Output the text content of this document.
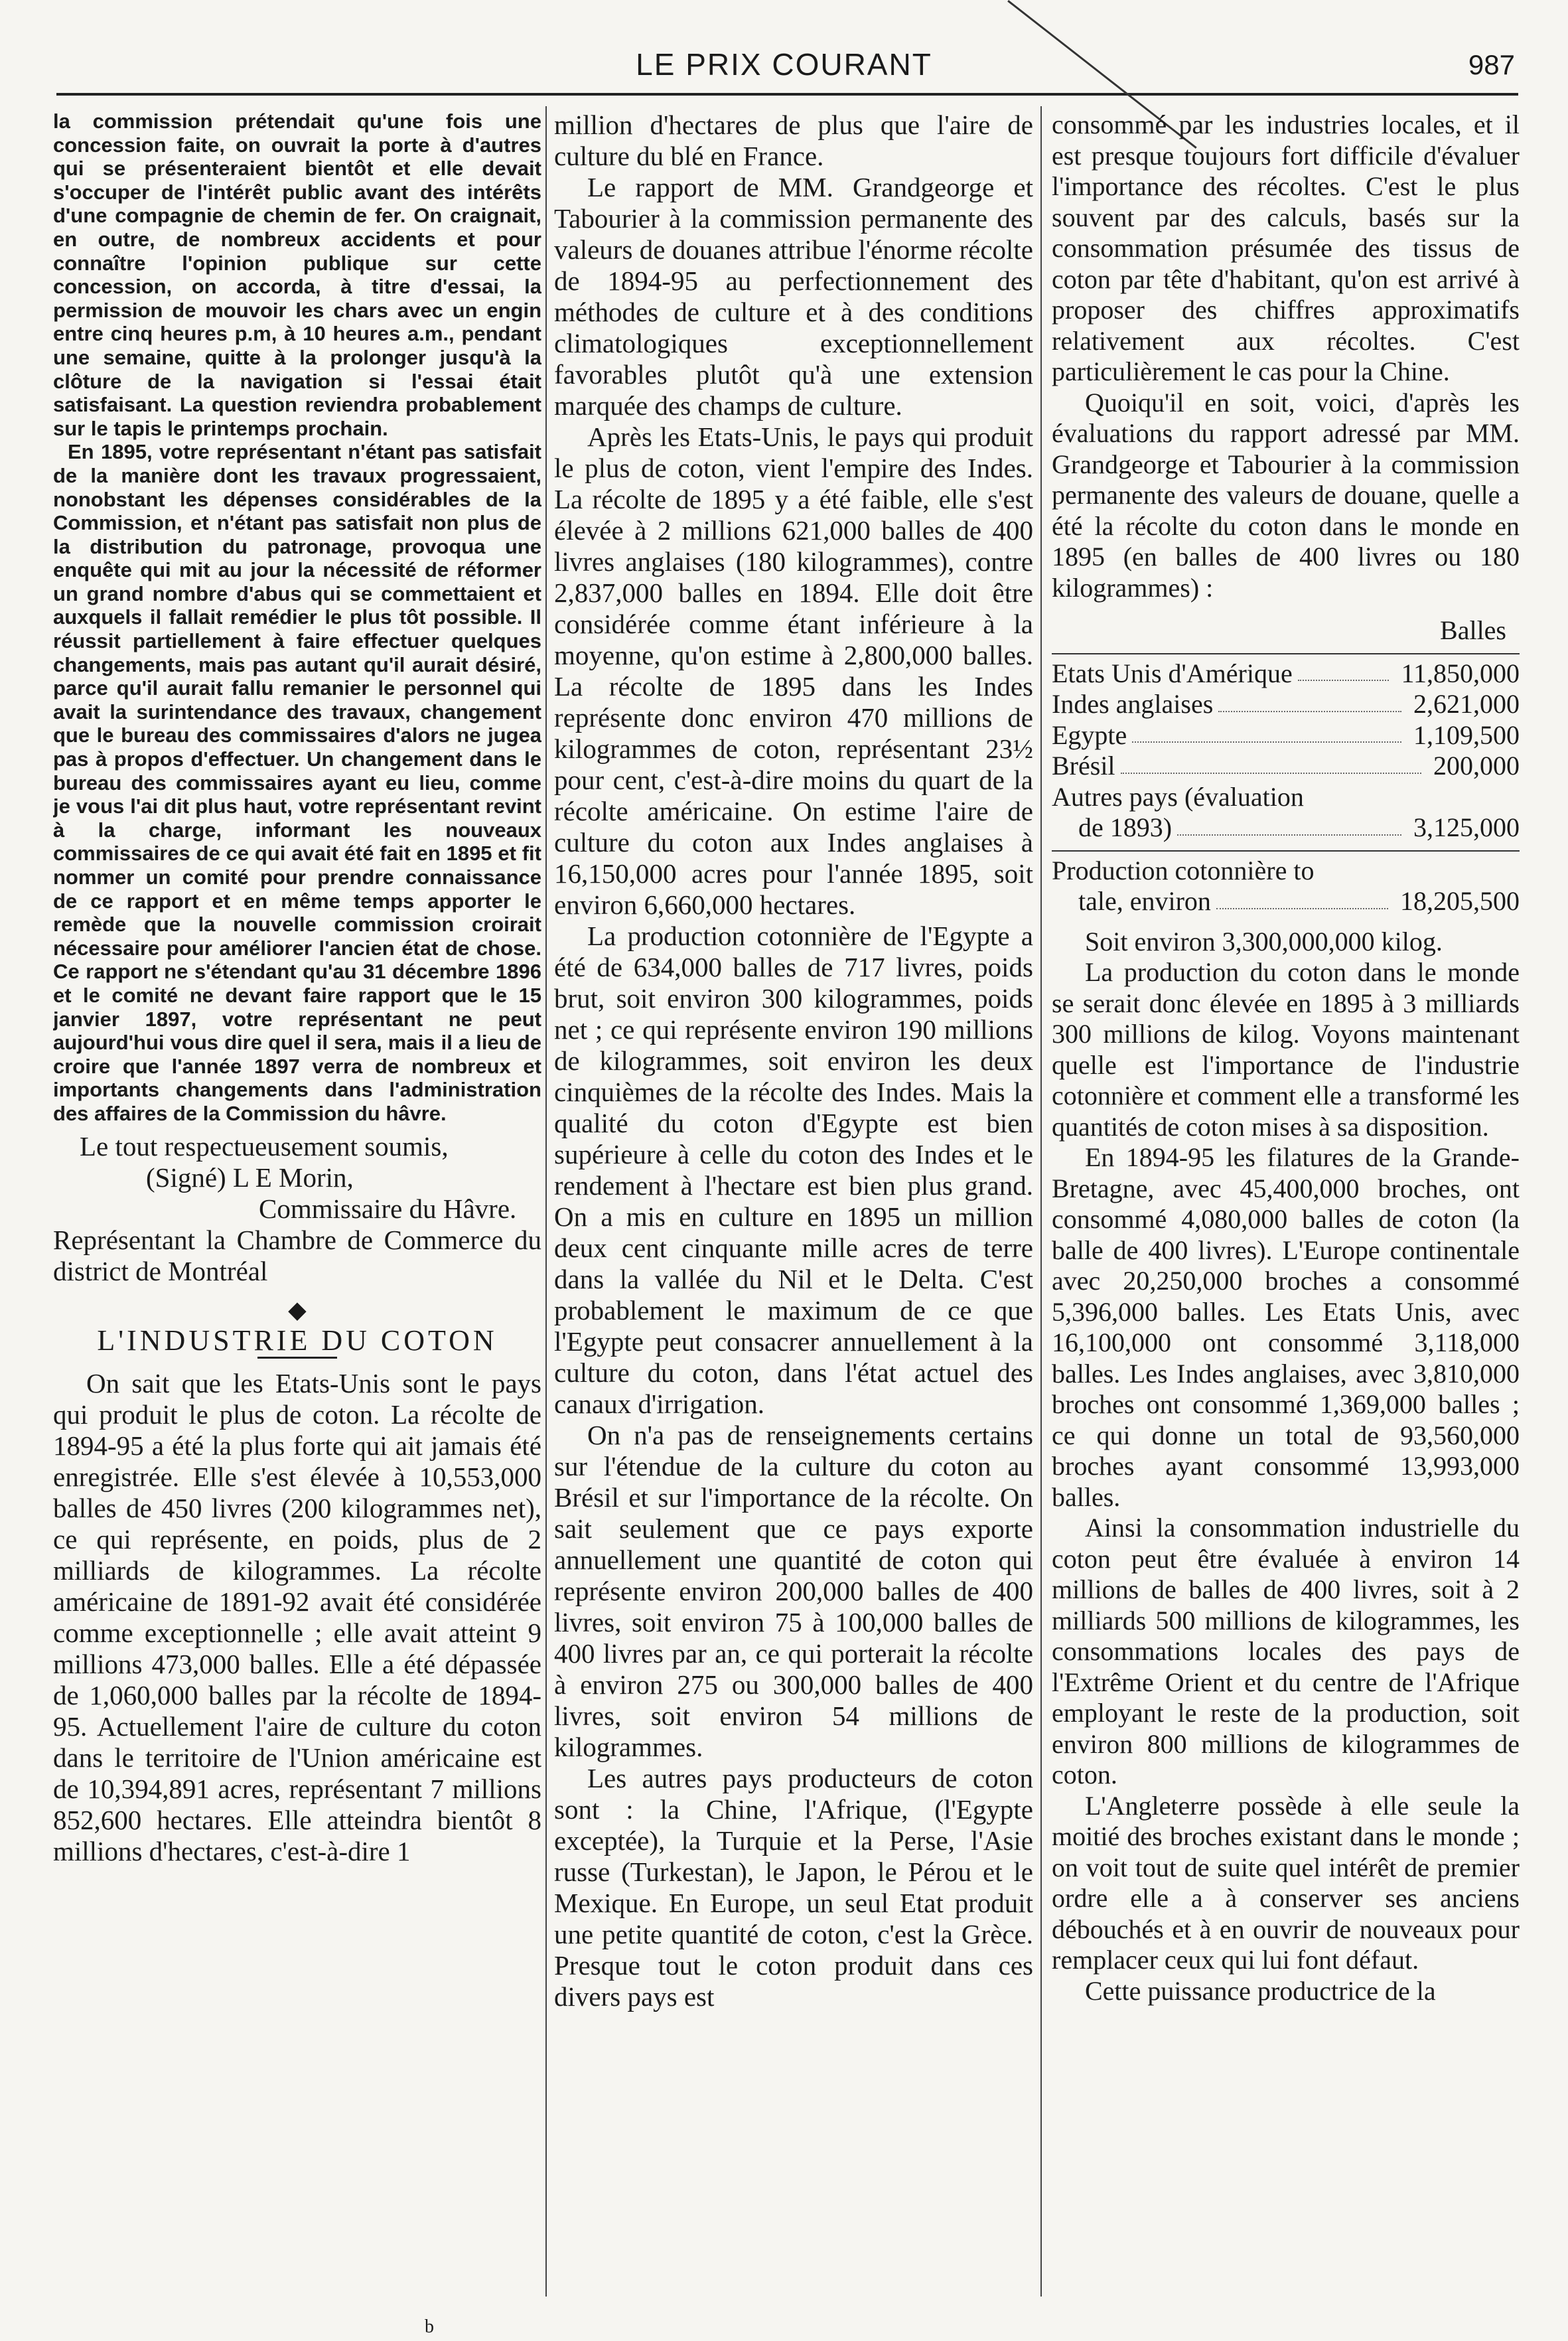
LE PRIX COURANT	987

la commission prétendait qu'une fois une concession faite, on ouvrait la porte à d'autres qui se présenteraient bientôt et elle devait s'occuper de l'intérêt public avant des intérêts d'une compagnie de chemin de fer. On craignait, en outre, de nombreux accidents et pour connaître l'opinion publique sur cette concession, on accorda, à titre d'essai, la permission de mouvoir les chars avec un engin entre cinq heures p.m, à 10 heures a.m., pendant une semaine, quitte à la prolonger jusqu'à la clôture de la navigation si l'essai était satisfaisant. La question reviendra probablement sur le tapis le printemps prochain.

En 1895, votre représentant n'étant pas satisfait de la manière dont les travaux progressaient, nonobstant les dépenses considérables de la Commission, et n'étant pas satisfait non plus de la distribution du patronage, provoqua une enquête qui mit au jour la nécessité de réformer un grand nombre d'abus qui se commettaient et auxquels il fallait remédier le plus tôt possible. Il réussit partiellement à faire effectuer quelques changements, mais pas autant qu'il aurait désiré, parce qu'il aurait fallu remanier le personnel qui avait la surintendance des travaux, changement que le bureau des commissaires d'alors ne jugea pas à propos d'effectuer. Un changement dans le bureau des commissaires ayant eu lieu, comme je vous l'ai dit plus haut, votre représentant revint à la charge, informant les nouveaux commissaires de ce qui avait été fait en 1895 et fit nommer un comité pour prendre connaissance de ce rapport et en même temps apporter le remède que la nouvelle commission croirait nécessaire pour améliorer l'ancien état de chose. Ce rapport ne s'étendant qu'au 31 décembre 1896 et le comité ne devant faire rapport que le 15 janvier 1897, votre représentant ne peut aujourd'hui vous dire quel il sera, mais il a lieu de croire que l'année 1897 verra de nombreux et importants changements dans l'administration des affaires de la Commission du hâvre.

Le tout respectueusement soumis,

(Signé) L E Morin,

Commissaire du Hâvre.

Représentant la Chambre de Commerce du district de Montréal

◆
L'INDUSTRIE DU COTON

On sait que les Etats-Unis sont le pays qui produit le plus de coton. La récolte de 1894-95 a été la plus forte qui ait jamais été enregistrée. Elle s'est élevée à 10,553,000 balles de 450 livres (200 kilogrammes net), ce qui représente, en poids, plus de 2 milliards de kilogrammes. La récolte américaine de 1891-92 avait été considérée comme exceptionnelle ; elle avait atteint 9 millions 473,000 balles. Elle a été dépassée de 1,060,000 balles par la récolte de 1894-95. Actuellement l'aire de culture du coton dans le territoire de l'Union américaine est de 10,394,891 acres, représentant 7 millions 852,600 hectares. Elle atteindra bientôt 8 millions d'hectares, c'est-à-dire 1

million d'hectares de plus que l'aire de culture du blé en France.

Le rapport de MM. Grandgeorge et Tabourier à la commission permanente des valeurs de douanes attribue l'énorme récolte de 1894-95 au perfectionnement des méthodes de culture et à des conditions climatologiques exceptionnellement favorables plutôt qu'à une extension marquée des champs de culture.

Après les Etats-Unis, le pays qui produit le plus de coton, vient l'empire des Indes. La récolte de 1895 y a été faible, elle s'est élevée à 2 millions 621,000 balles de 400 livres anglaises (180 kilogrammes), contre 2,837,000 balles en 1894. Elle doit être considérée comme étant inférieure à la moyenne, qu'on estime à 2,800,000 balles. La récolte de 1895 dans les Indes représente donc environ 470 millions de kilogrammes de coton, représentant 23½ pour cent, c'est-à-dire moins du quart de la récolte américaine. On estime l'aire de culture du coton aux Indes anglaises à 16,150,000 acres pour l'année 1895, soit environ 6,660,000 hectares.

La production cotonnière de l'Egypte a été de 634,000 balles de 717 livres, poids brut, soit environ 300 kilogrammes, poids net ; ce qui représente environ 190 millions de kilogrammes, soit environ les deux cinquièmes de la récolte des Indes. Mais la qualité du coton d'Egypte est bien supérieure à celle du coton des Indes et le rendement à l'hectare est bien plus grand. On a mis en culture en 1895 un million deux cent cinquante mille acres de terre dans la vallée du Nil et le Delta. C'est probablement le maximum de ce que l'Egypte peut consacrer annuellement à la culture du coton, dans l'état actuel des canaux d'irrigation.

On n'a pas de renseignements certains sur l'étendue de la culture du coton au Brésil et sur l'importance de la récolte. On sait seulement que ce pays exporte annuellement une quantité de coton qui représente environ 200,000 balles de 400 livres, soit environ 75 à 100,000 balles de 400 livres par an, ce qui porterait la récolte à environ 275 ou 300,000 balles de 400 livres, soit environ 54 millions de kilogrammes.

Les autres pays producteurs de coton sont : la Chine, l'Afrique, (l'Egypte exceptée), la Turquie et la Perse, l'Asie russe (Turkestan), le Japon, le Pérou et le Mexique. En Europe, un seul Etat produit une petite quantité de coton, c'est la Grèce. Presque tout le coton produit dans ces divers pays est

consommé par les industries locales, et il est presque toujours fort difficile d'évaluer l'importance des récoltes. C'est le plus souvent par des calculs, basés sur la consommation présumée des tissus de coton par tête d'habitant, qu'on est arrivé à proposer des chiffres approximatifs relativement aux récoltes. C'est particulièrement le cas pour la Chine.

Quoiqu'il en soit, voici, d'après les évaluations du rapport adressé par MM. Grandgeorge et Tabourier à la commission permanente des valeurs de douane, quelle a été la récolte du coton dans le monde en 1895 (en balles de 400 livres ou 180 kilogrammes) :

Balles

Etats Unis d'Amérique	11,850,000
Indes anglaises	2,621,000
Egypte	1,109,500
Brésil	200,000
Autres pays (évaluation
de 1893)	3,125,000
Production cotonnière to
tale, environ	18,205,500

Soit environ 3,300,000,000 kilog.

La production du coton dans le monde se serait donc élevée en 1895 à 3 milliards 300 millions de kilog. Voyons maintenant quelle est l'importance de l'industrie cotonnière et comment elle a transformé les quantités de coton mises à sa disposition.

En 1894-95 les filatures de la Grande-Bretagne, avec 45,400,000 broches, ont consommé 4,080,000 balles de coton (la balle de 400 livres). L'Europe continentale avec 20,250,000 broches a consommé 5,396,000 balles. Les Etats Unis, avec 16,100,000 ont consommé 3,118,000 balles. Les Indes anglaises, avec 3,810,000 broches ont consommé 1,369,000 balles ; ce qui donne un total de 93,560,000 broches ayant consommé 13,993,000 balles.

Ainsi la consommation industrielle du coton peut être évaluée à environ 14 millions de balles de 400 livres, soit à 2 milliards 500 millions de kilogrammes, les consommations locales des pays de l'Extrême Orient et du centre de l'Afrique employant le reste de la production, soit environ 800 millions de kilogrammes de coton.

L'Angleterre possède à elle seule la moitié des broches existant dans le monde ; on voit tout de suite quel intérêt de premier ordre elle a à conserver ses anciens débouchés et à en ouvrir de nouveaux pour remplacer ceux qui lui font défaut.

Cette puissance productrice de la

b
